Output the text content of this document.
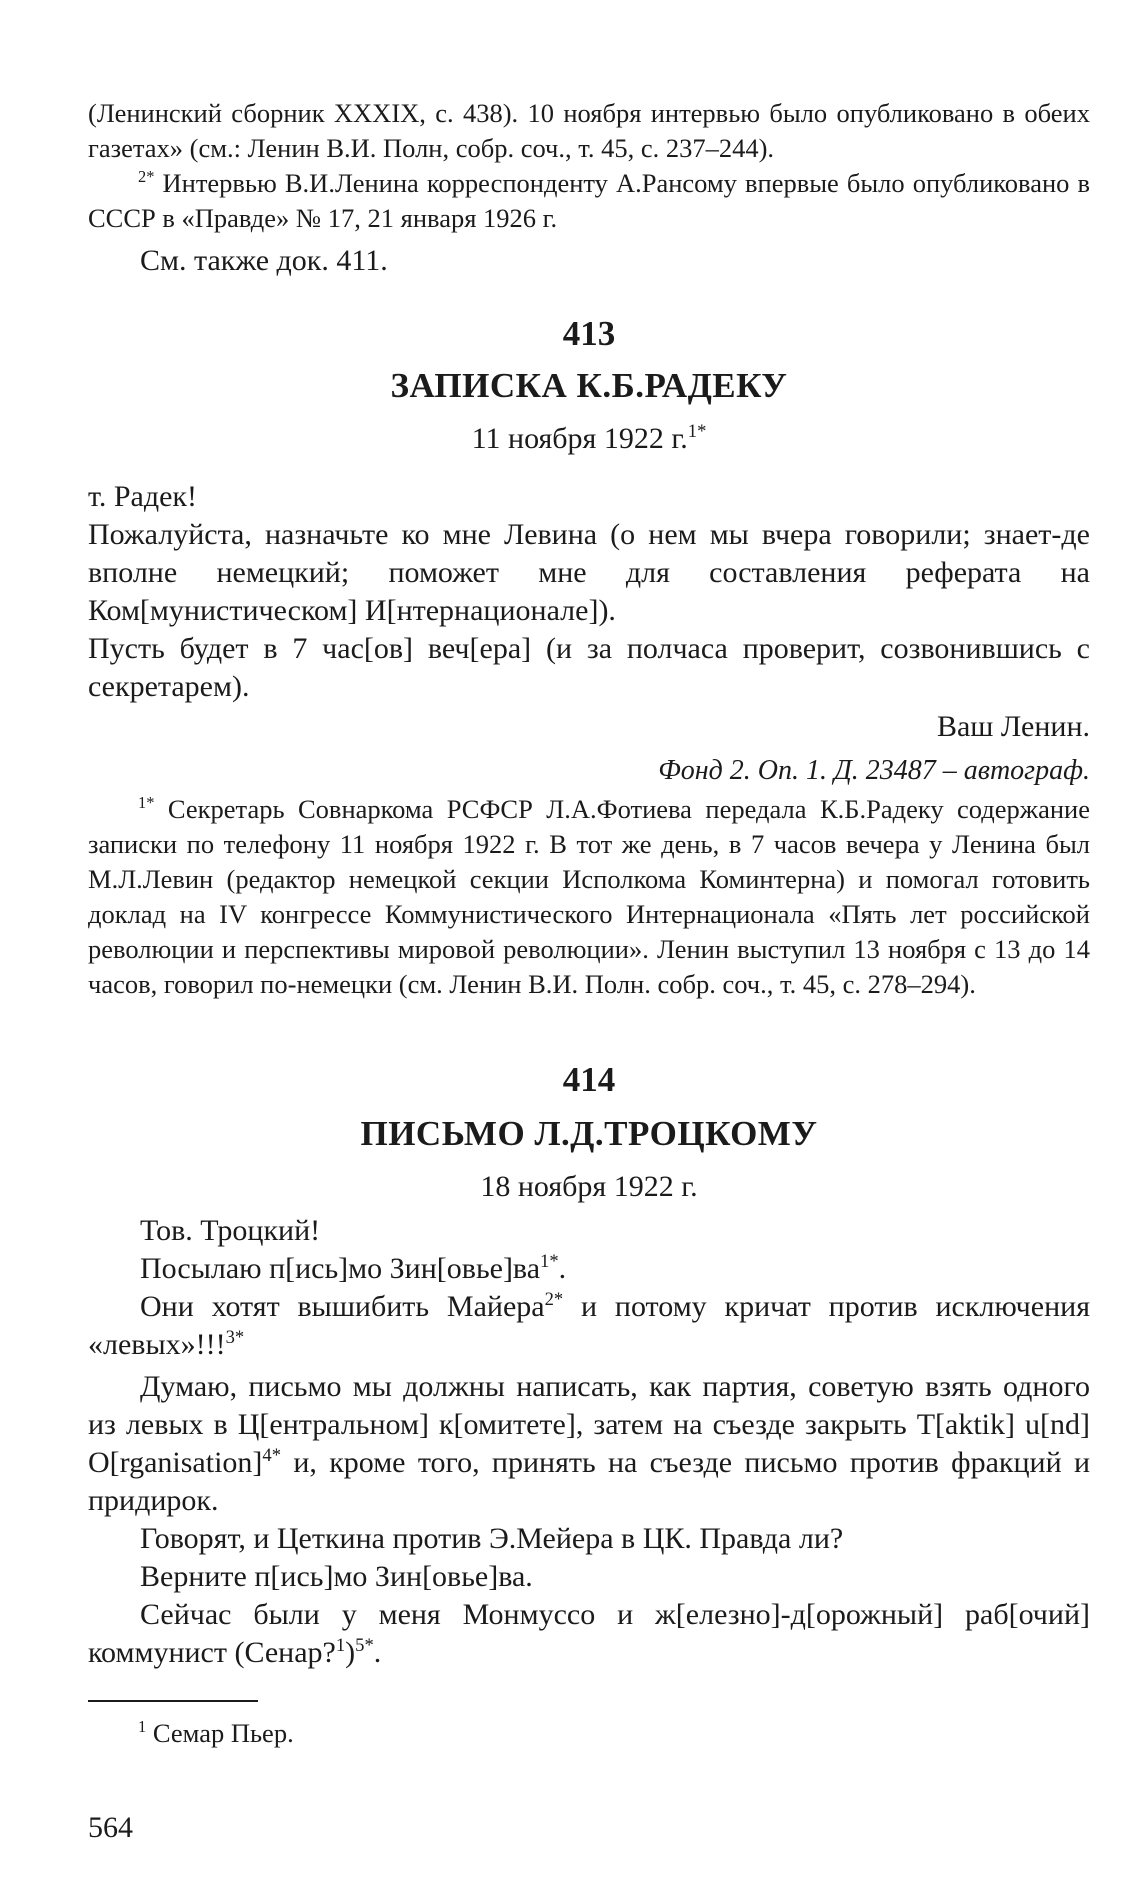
(Ленинский сборник XXXIX, с. 438). 10 ноября интервью было опубликовано в обеих газетах» (см.: Ленин В.И. Полн, собр. соч., т. 45, с. 237–244).

$^{2*}$ Интервью В.И.Ленина корреспонденту А.Рансому впервые было опубликовано в СССР в «Правде» № 17, 21 января 1926 г.

См. также док. 411.

413

ЗАПИСКА К.Б.РАДЕКУ

11 ноября 1922 г.$^{1*}$

т. Радек!

Пожалуйста, назначьте ко мне Левина (о нем мы вчера говорили; знает-де вполне немецкий; поможет мне для составления реферата на Ком[мунистическом] И[нтернационале]).

Пусть будет в 7 час[ов] веч[ера] (и за полчаса проверит, созвонившись с секретарем).

Ваш Ленин.

Фонд 2. Оп. 1. Д. 23487 – автограф.

$^{1*}$ Секретарь Совнаркома РСФСР Л.А.Фотиева передала К.Б.Радеку содержание записки по телефону 11 ноября 1922 г. В тот же день, в 7 часов вечера у Ленина был М.Л.Левин (редактор немецкой секции Исполкома Коминтерна) и помогал готовить доклад на IV конгрессе Коммунистического Интернационала «Пять лет российской революции и перспективы мировой революции». Ленин выступил 13 ноября с 13 до 14 часов, говорил по-немецки (см. Ленин В.И. Полн. собр. соч., т. 45, с. 278–294).

414

ПИСЬМО Л.Д.ТРОЦКОМУ

18 ноября 1922 г.

Тов. Троцкий!

Посылаю п[ись]мо $Зин[овье]ва^{1*}$.

Они хотят вышибить Майера$^{2*}$ и потому кричат против исключения «левых»!!!$^{3*}$

Думаю, письмо мы должны написать, как партия, советую взять одного из левых в Ц[ентральном] к[омитете], затем на съезде закрыть T[aktik] u[nd] O[rganisation]$^{4*}$ и, кроме того, принять на съезде письмо против фракций и придирок.

Говорят, и Цеткина против Э.Мейера в ЦК. Правда ли?

Верните п[ись]мо Зин[овье]ва.

Сейчас были у меня Монмуссо и ж[елезно]-д[орожный] раб[очий] коммунист (Сенар?$^1$)$^{5*}$.

$^1$ Семар Пьер.

564
